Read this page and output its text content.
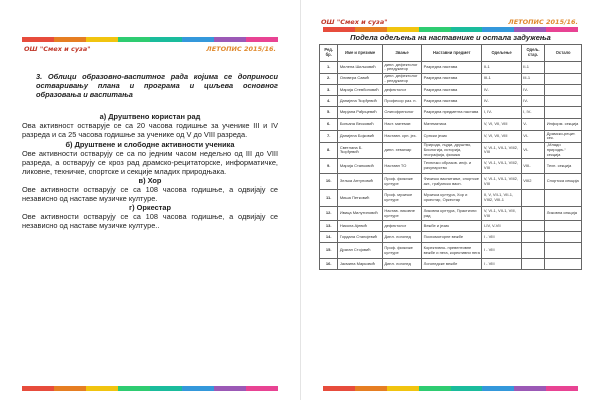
ОШ "Смех и суза"	ЛЕТОПИС 2015/16.
3. Облици образовно-васпитног рада којима се доприноси остваривању плана и програма и циљева основног образовања и васпитања
а) Друштвено користан рад
Ова активност остварује се са 20 часова годишње за ученике III и IV разреда и са 25 часова годишње за ученике од V до VIII разреда.
б) Друштвене и слободне активности ученика
Ове активности остварују се са по једним часом недељно од III до VIII разреда, а остварују се кроз рад драмско-рецитаторске, информатичке, ликовне, техничке, спортске и секције младих природњака.
в) Хор
Ове активности остварују се са 108 часова годишње, а одвијају се независно од наставе музичке културе.
г) Оркестар
Ове активности остварују се са 108 часова годишње, а одвијају се независно од наставе музичке културе..
ОШ "Смех и суза"	ЛЕТОПИС 2015/16.
Подела одељења на наставнике и остала задужења
Ред. бр.	Име и презиме	Звање	Наставни предмет	Одељење	Одељ. стар.	Остало
1.	Милена Шиљковић	дипл. дефектолог - реедукатор	Разредна настава	II-1	II-1	
2.	Оливера Савић	дипл. дефектолог - реедукатор	Разредна настава	III-1	III-1	
3.	Марија Стевбоновић	дефектолог	Разредна настава	IV-	IV-	
4.	Данијела Ђорђевић	Професор раз. н.	Разредна настава	IV-	IV-	
5.	Мирјана Рађицевић	Олигофренолог	Разредна предметна настава	I, IV-	I, IV-	
6.	Биљана Весковић	Наст. математ.	Математика	V, VI, VII, VIII	V-	Информ. секција
7.	Данијела Бојковић	Наставн. срп. јез.	Српски језик	V, VI, VII, VIII	VI-	Драмско-рецит. сек.
8.	Светлана Б. Ђорђевић	дипл. хемичар	Природа, људи, друштво, Биологија, историја, географија, физика	V, VI-1, VII-1, VIII2, VIII	VI-	„Млади природњ.“ секција
9.	Марија Станковић	Наставн ТО	Техничко образов. инф. и рачунарство	V, VI-1, VII-1, VIII2, VIII	VIII-	Техн. секција
10.	Зељка Антуновић	Проф. физичке културе	Физичко васпитање, спортске акт., грађанско васп.	V, VI-1, VII-1, VIII2, VIII	VIII2	Спортска секција
11.	Миша Петковић	Проф. музичке културе	Музичка култура, Хор и оркестар, Оркестар	II, V, VII-1, VII-1, VIII2, VIII-1		
12.	Ивица Милутиновић	Настав. ликовне културе	Ликовна култура, Практични рад	V, VI-1, VII-1, VIII, VIII		Ликовна секција
13.	Никола Ајевић	дефектолог	Вежбе и језик	I-IV, V-VII		
14.	Гордана Станојевић	Дипл. логопед	Психомоторне вежбе	I - VIII		
15.	Драган Стојовић	Проф. физичке културе	Корективно- превентивне вежбе и нега, корективни нега	I - VIII		
16.	Јасмина Марковић	Дипл. логопед	Логопедске вежбе	I - VIII		
